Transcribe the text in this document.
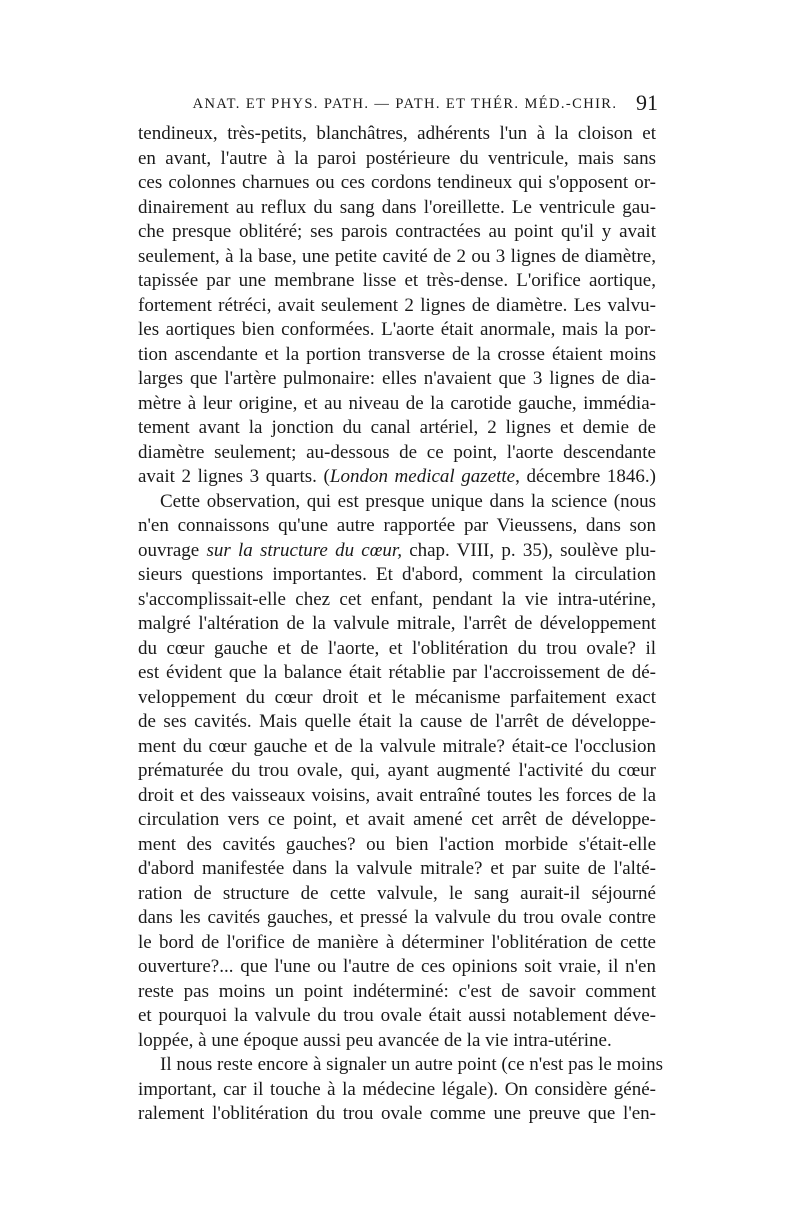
ANAT. ET PHYS. PATH. — PATH. ET THÉR. MÉD.-CHIR. 91
tendineux, très-petits, blanchâtres, adhérents l'un à la cloison et
en avant, l'autre à la paroi postérieure du ventricule, mais sans
ces colonnes charnues ou ces cordons tendineux qui s'opposent or-
dinairement au reflux du sang dans l'oreillette. Le ventricule gau-
che presque oblitéré; ses parois contractées au point qu'il y avait
seulement, à la base, une petite cavité de 2 ou 3 lignes de diamètre,
tapissée par une membrane lisse et très-dense. L'orifice aortique,
fortement rétréci, avait seulement 2 lignes de diamètre. Les valvu-
les aortiques bien conformées. L'aorte était anormale, mais la por-
tion ascendante et la portion transverse de la crosse étaient moins
larges que l'artère pulmonaire: elles n'avaient que 3 lignes de dia-
mètre à leur origine, et au niveau de la carotide gauche, immédia-
tement avant la jonction du canal artériel, 2 lignes et demie de
diamètre seulement; au-dessous de ce point, l'aorte descendante
avait 2 lignes 3 quarts. (London medical gazette, décembre 1846.)
Cette observation, qui est presque unique dans la science (nous
n'en connaissons qu'une autre rapportée par Vieussens, dans son
ouvrage sur la structure du cœur, chap. VIII, p. 35), soulève plu-
sieurs questions importantes. Et d'abord, comment la circulation
s'accomplissait-elle chez cet enfant, pendant la vie intra-utérine,
malgré l'altération de la valvule mitrale, l'arrêt de développement
du cœur gauche et de l'aorte, et l'oblitération du trou ovale? il
est évident que la balance était rétablie par l'accroissement de dé-
veloppement du cœur droit et le mécanisme parfaitement exact
de ses cavités. Mais quelle était la cause de l'arrêt de développe-
ment du cœur gauche et de la valvule mitrale? était-ce l'occlusion
prématurée du trou ovale, qui, ayant augmenté l'activité du cœur
droit et des vaisseaux voisins, avait entraîné toutes les forces de la
circulation vers ce point, et avait amené cet arrêt de développe-
ment des cavités gauches? ou bien l'action morbide s'était-elle
d'abord manifestée dans la valvule mitrale? et par suite de l'alté-
ration de structure de cette valvule, le sang aurait-il séjourné
dans les cavités gauches, et pressé la valvule du trou ovale contre
le bord de l'orifice de manière à déterminer l'oblitération de cette
ouverture?... que l'une ou l'autre de ces opinions soit vraie, il n'en
reste pas moins un point indéterminé: c'est de savoir comment
et pourquoi la valvule du trou ovale était aussi notablement déve-
loppée, à une époque aussi peu avancée de la vie intra-utérine.
Il nous reste encore à signaler un autre point (ce n'est pas le moins
important, car il touche à la médecine légale). On considère géné-
ralement l'oblitération du trou ovale comme une preuve que l'en-
